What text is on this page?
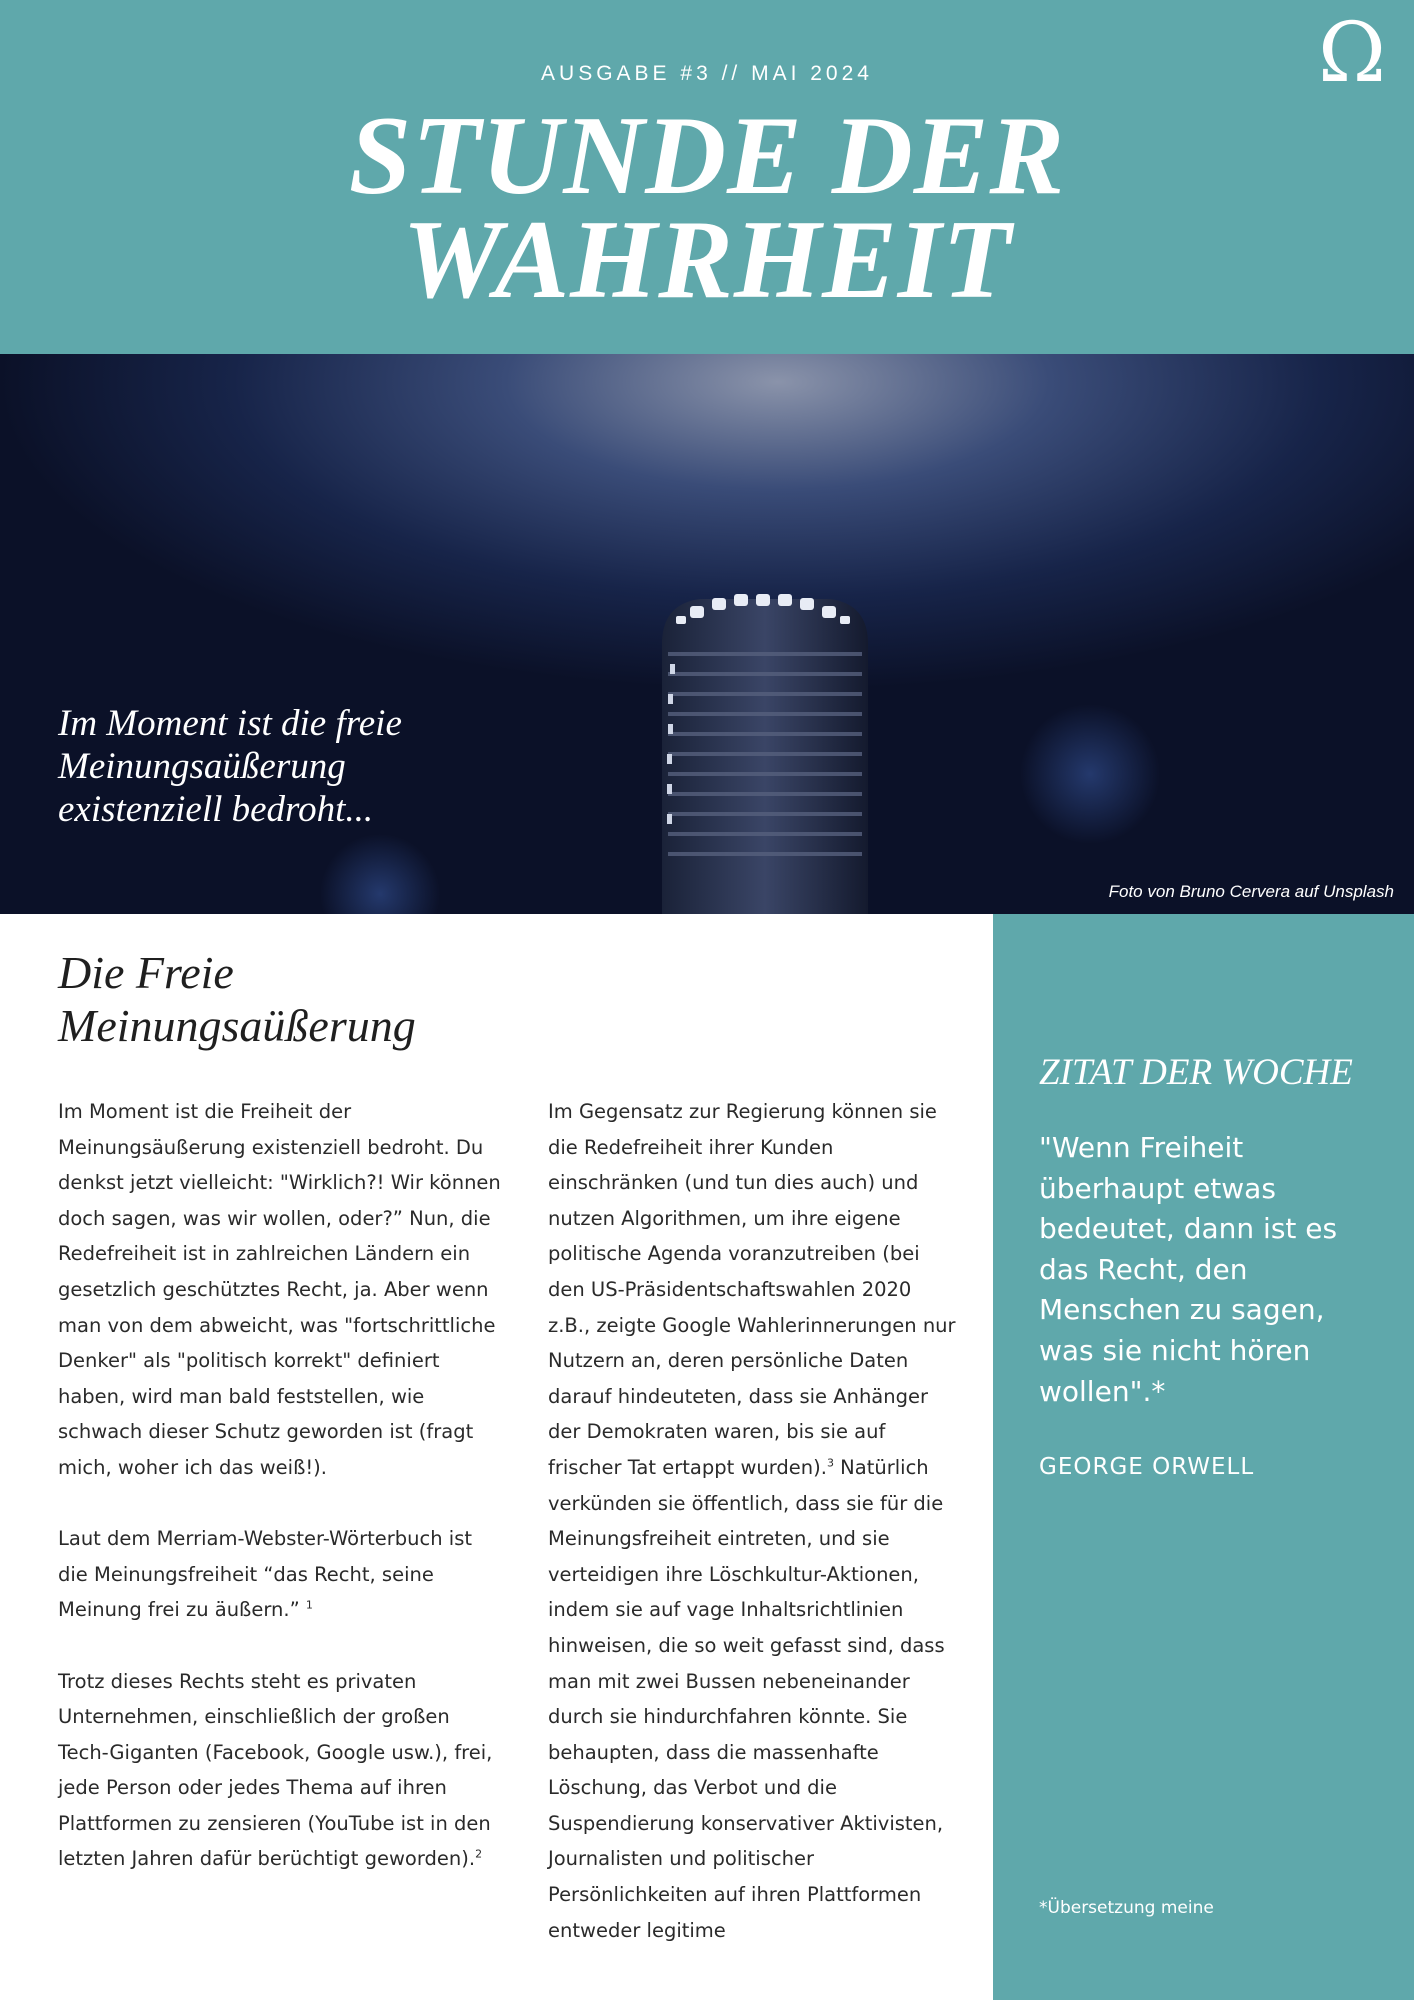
AUSGABE #3 // MAI 2024	Ω
STUNDE DER
WAHRHEIT
Im Moment ist die freie Meinungsaüßerung existenziell bedroht...
Foto von Bruno Cervera auf Unsplash
Die Freie
Meinungsaüßerung

Im Moment ist die Freiheit der Meinungsäußerung existenziell bedroht. Du denkst jetzt vielleicht: "Wirklich?! Wir können doch sagen, was wir wollen, oder?” Nun, die Redefreiheit ist in zahlreichen Ländern ein gesetzlich geschütztes Recht, ja. Aber wenn man von dem abweicht, was "fortschrittliche Denker" als "politisch korrekt" definiert haben, wird man bald feststellen, wie schwach dieser Schutz geworden ist (fragt mich, woher ich das weiß!).

Laut dem Merriam-Webster-Wörterbuch ist die Meinungsfreiheit “das Recht, seine Meinung frei zu äußern.” $^1$

Trotz dieses Rechts steht es privaten Unternehmen, einschließlich der großen Tech-Giganten (Facebook, Google usw.), frei, jede Person oder jedes Thema auf ihren Plattformen zu zensieren (YouTube ist in den letzten Jahren dafür berüchtigt geworden).$^2$

Im Gegensatz zur Regierung können sie die Redefreiheit ihrer Kunden einschränken (und tun dies auch) und nutzen Algorithmen, um ihre eigene politische Agenda voranzutreiben (bei den US-Präsidentschaftswahlen 2020 z.B., zeigte Google Wahlerinnerungen nur Nutzern an, deren persönliche Daten darauf hindeuteten, dass sie Anhänger der Demokraten waren, bis sie auf frischer Tat ertappt wurden).$^3$ Natürlich verkünden sie öffentlich, dass sie für die Meinungsfreiheit eintreten, und sie verteidigen ihre Löschkultur-Aktionen, indem sie auf vage Inhaltsrichtlinien hinweisen, die so weit gefasst sind, dass man mit zwei Bussen nebeneinander durch sie hindurchfahren könnte. Sie behaupten, dass die massenhafte Löschung, das Verbot und die Suspendierung konservativer Aktivisten, Journalisten und politischer Persönlichkeiten auf ihren Plattformen entweder legitime

ZITAT DER WOCHE
"Wenn Freiheit überhaupt etwas bedeutet, dann ist es das Recht, den Menschen zu sagen, was sie nicht hören wollen".*
GEORGE ORWELL
*Übersetzung meine
